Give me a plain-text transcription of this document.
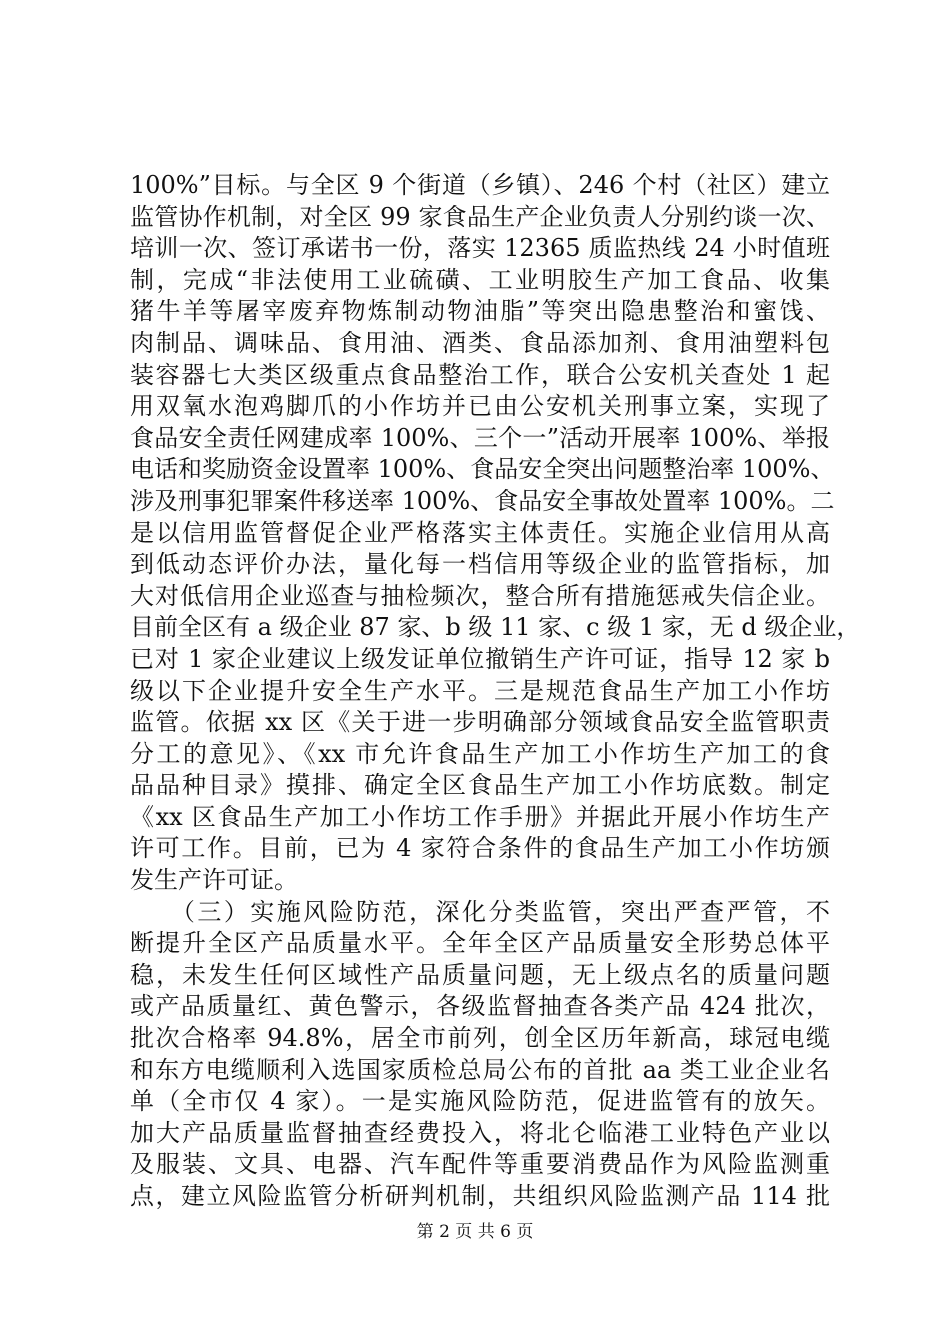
100%”目标。与全区 9 个街道（乡镇）、246 个村（社区）建立
监管协作机制，对全区 99 家食品生产企业负责人分别约谈一次、
培训一次、签订承诺书一份，落实 12365 质监热线 24 小时值班
制，完成“非法使用工业硫磺、工业明胶生产加工食品、收集
猪牛羊等屠宰废弃物炼制动物油脂”等突出隐患整治和蜜饯、
肉制品、调味品、食用油、酒类、食品添加剂、食用油塑料包
装容器七大类区级重点食品整治工作，联合公安机关查处 1 起
用双氧水泡鸡脚爪的小作坊并已由公安机关刑事立案，实现了
食品安全责任网建成率 100%、三个一”活动开展率 100%、举报
电话和奖励资金设置率 100%、食品安全突出问题整治率 100%、
涉及刑事犯罪案件移送率 100%、食品安全事故处置率 100%。二
是以信用监管督促企业严格落实主体责任。实施企业信用从高
到低动态评价办法，量化每一档信用等级企业的监管指标，加
大对低信用企业巡查与抽检频次，整合所有措施惩戒失信企业。
目前全区有 a 级企业 87 家、b 级 11 家、c 级 1 家，无 d 级企业，
已对 1 家企业建议上级发证单位撤销生产许可证，指导 12 家 b
级以下企业提升安全生产水平。三是规范食品生产加工小作坊
监管。依据 xx 区《关于进一步明确部分领域食品安全监管职责
分工的意见》、《xx 市允许食品生产加工小作坊生产加工的食
品品种目录》摸排、确定全区食品生产加工小作坊底数。制定
《xx 区食品生产加工小作坊工作手册》并据此开展小作坊生产
许可工作。目前，已为 4 家符合条件的食品生产加工小作坊颁
发生产许可证。
　　（三）实施风险防范，深化分类监管，突出严查严管，不
断提升全区产品质量水平。全年全区产品质量安全形势总体平
稳，未发生任何区域性产品质量问题，无上级点名的质量问题
或产品质量红、黄色警示，各级监督抽查各类产品 424 批次，
批次合格率 94.8%，居全市前列，创全区历年新高，球冠电缆
和东方电缆顺利入选国家质检总局公布的首批 aa 类工业企业名
单（全市仅 4 家）。一是实施风险防范，促进监管有的放矢。
加大产品质量监督抽查经费投入，将北仑临港工业特色产业以
及服装、文具、电器、汽车配件等重要消费品作为风险监测重
点，建立风险监管分析研判机制，共组织风险监测产品 114 批
第 2 页 共 6 页
